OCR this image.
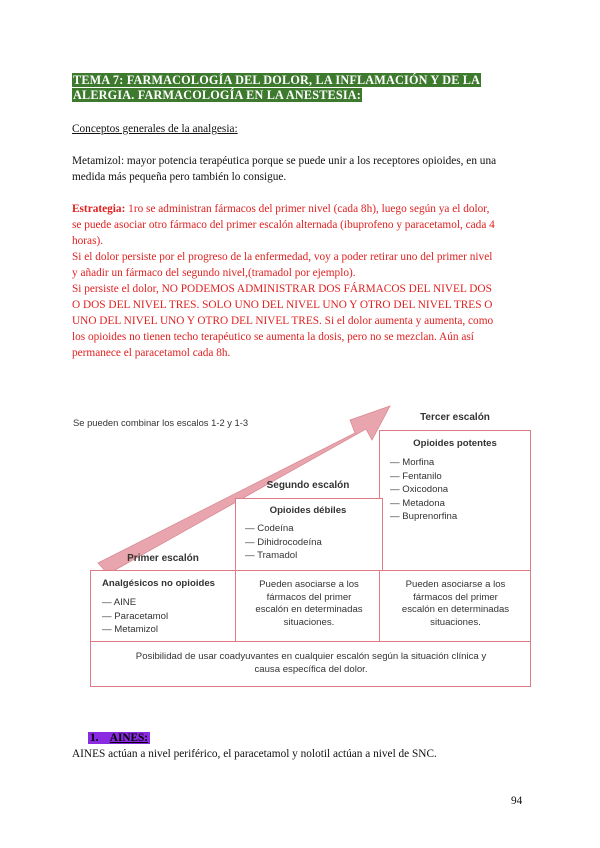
TEMA 7: FARMACOLOGÍA DEL DOLOR, LA INFLAMACIÓN Y DE LA
ALERGIA. FARMACOLOGÍA EN LA ANESTESIA:
Conceptos generales de la analgesia:
Metamizol: mayor potencia terapéutica porque se puede unir a los receptores opioides, en una
medida más pequeña pero también lo consigue.
Estrategia: 1ro se administran fármacos del primer nivel (cada 8h), luego según ya el dolor,
se puede asociar otro fármaco del primer escalón alternada (ibuprofeno y paracetamol, cada 4
horas).
Si el dolor persiste por el progreso de la enfermedad, voy a poder retirar uno del primer nivel
y añadir un fármaco del segundo nivel,(tramadol por ejemplo).
Si persiste el dolor, NO PODEMOS ADMINISTRAR DOS FÁRMACOS DEL NIVEL DOS
O DOS DEL NIVEL TRES. SOLO UNO DEL NIVEL UNO Y OTRO DEL NIVEL TRES O
UNO DEL NIVEL UNO Y OTRO DEL NIVEL TRES. Si el dolor aumenta y aumenta, como
los opioides no tienen techo terapéutico se aumenta la dosis, pero no se mezclan. Aún así
permanece el paracetamol cada 8h.
Se pueden combinar los escalos 1-2 y 1-3	Tercer escalón
Opioides potentes
— Morfina
— Fentanilo
— Oxicodona
— Metadona
— Buprenorfina
Segundo escalón
Opioides débiles
— Codeína
— Dihidrocodeína
— Tramadol
Primer escalón
Analgésicos no opioides
— AINE
— Paracetamol
— Metamizol
Pueden asociarse a los
fármacos del primer
escalón en determinadas
situaciones.
Pueden asociarse a los
fármacos del primer
escalón en determinadas
situaciones.
Posibilidad de usar coadyuvantes en cualquier escalón según la situación clínica y
causa específica del dolor.
1. AINES:
AINES actúan a nivel periférico, el paracetamol y nolotil actúan a nivel de SNC.
94
